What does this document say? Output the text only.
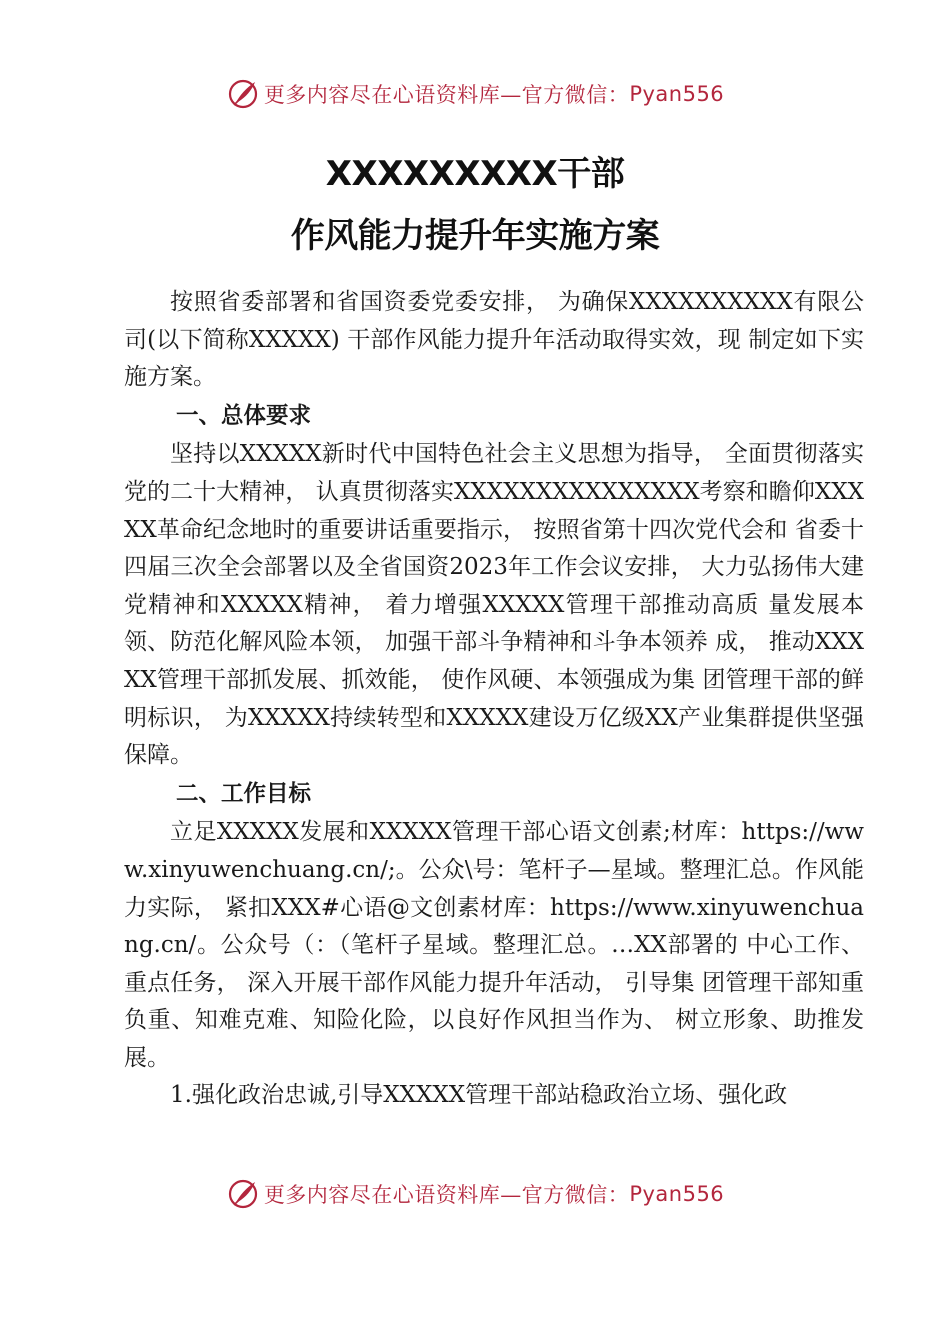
更多内容尽在心语资料库—官方微信： Pyan556
XXXXXXXXX干部
作风能力提升年实施方案

按照省委部署和省国资委党委安排， 为确保XXXXXXXXXX有限公司(以下简称XXXXX) 干部作风能力提升年活动取得实效，现 制定如下实施方案。

一、总体要求

坚持以XXXXX新时代中国特色社会主义思想为指导， 全面贯彻落实党的二十大精神， 认真贯彻落实XXXXXXXXXXXXXXX考察和瞻仰XXXXX革命纪念地时的重要讲话重要指示， 按照省第十四次党代会和 省委十四届三次全会部署以及全省国资2023年工作会议安排， 大力弘扬伟大建党精神和XXXXX精神， 着力增强XXXXX管理干部推动高质 量发展本领、防范化解风险本领， 加强干部斗争精神和斗争本领养 成， 推动XXXXX管理干部抓发展、抓效能， 使作风硬、本领强成为集 团管理干部的鲜明标识， 为XXXXX持续转型和XXXXX建设万亿级XX产业集群提供坚强保障。

二、工作目标

立足XXXXX发展和XXXXX管理干部心语文创素;材库：https://www.xinyuwenchuang.cn/;。公众\号：笔杆子—星域。整理汇总。作风能力实际， 紧扣XXX#心语@文创素材库：https://www.xinyuwenchuang.cn/。公众号（：（笔杆子星域。整理汇总。…XX部署的 中心工作、重点任务， 深入开展干部作风能力提升年活动， 引导集 团管理干部知重负重、知难克难、知险化险，以良好作风担当作为、 树立形象、助推发展。

1.强化政治忠诚,引导XXXXX管理干部站稳政治立场、强化政

更多内容尽在心语资料库—官方微信： Pyan556
